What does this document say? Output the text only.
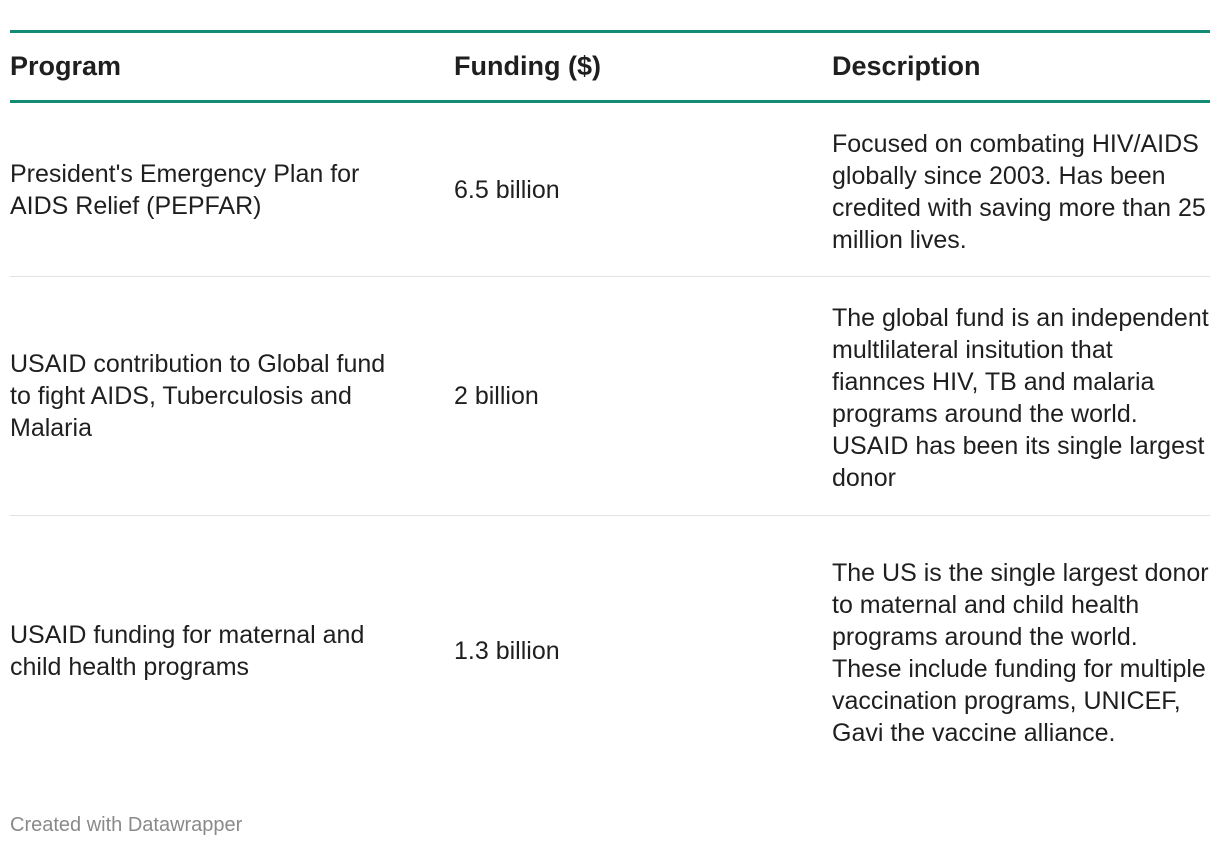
Program	Funding ($)	Description
President's Emergency Plan for AIDS Relief (PEPFAR)	6.5 billion	Focused on combating HIV/AIDS globally since 2003. Has been credited with saving more than 25 million lives.
USAID contribution to Global fund to fight AIDS, Tuberculosis and Malaria	2 billion	The global fund is an independent multlilateral insitution that fiannces HIV, TB and malaria programs around the world. USAID has been its single largest donor
USAID funding for maternal and child health programs	1.3 billion	The US is the single largest donor to maternal and child health programs around the world. These include funding for multiple vaccination programs, UNICEF, Gavi the vaccine alliance.
Created with Datawrapper
